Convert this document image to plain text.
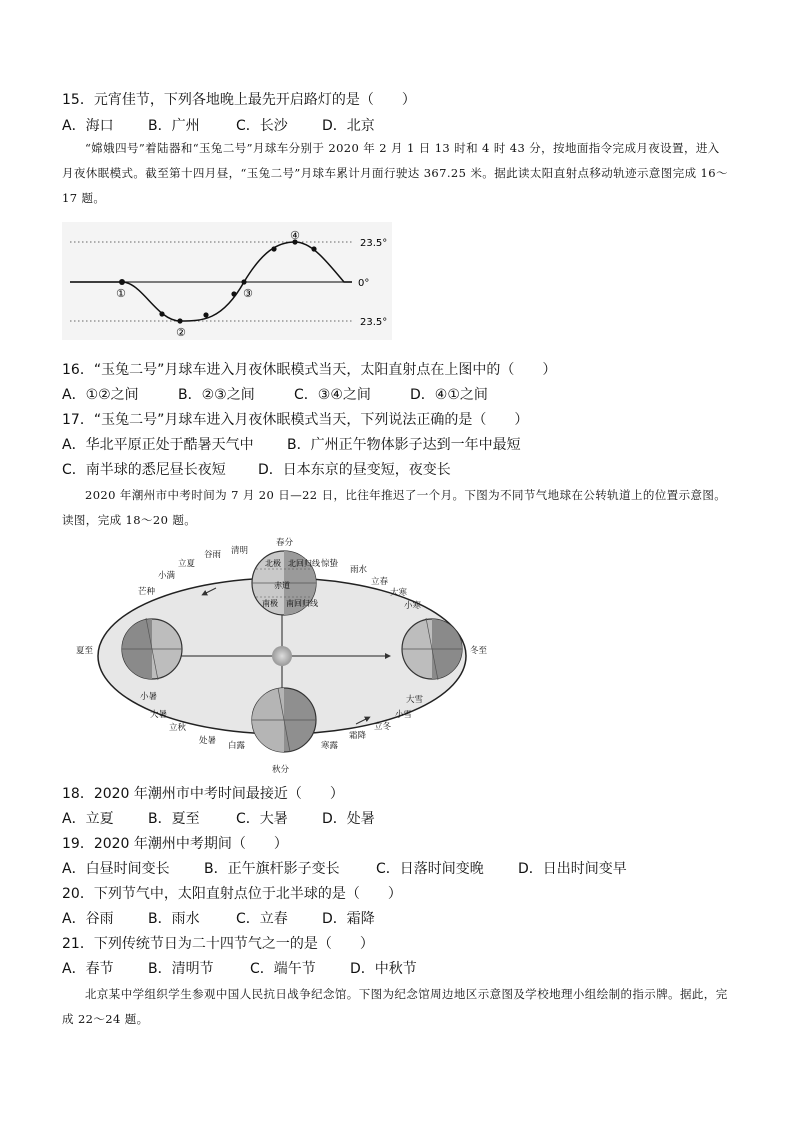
15．元宵佳节，下列各地晚上最先开启路灯的是（　　）
A．海口 B．广州	C．长沙 D．北京
“嫦娥四号”着陆器和“玉兔二号”月球车分别于 2020 年 2 月 1 日 13 时和 4 时 43 分，按地面指令完成月夜设置，进入月夜休眠模式。截至第十四月昼，“玉兔二号”月球车累计月面行驶达 367.25 米。据此读太阳直射点移动轨迹示意图完成 16～17 题。
①
②
③
④
23.5°
0°
23.5°
16．“玉兔二号”月球车进入月夜休眠模式当天，太阳直射点在上图中的（　　）
A．①②之间	B．②③之间	C．③④之间	D．④①之间
17．“玉兔二号”月球车进入月夜休眠模式当天，下列说法正确的是（　　）
A．华北平原正处于酷暑天气中 B．广州正午物体影子达到一年中最短
C．南半球的悉尼昼长夜短 D．日本东京的昼变短，夜变长
2020 年潮州市中考时间为 7 月 20 日—22 日，比往年推迟了一个月。下图为不同节气地球在公转轨道上的位置示意图。读图，完成 18～20 题。
北极 北回归线
赤道
南极 南回归线
春分
清明
谷雨
立夏
小满
芒种
夏至
小暑
大暑
立秋
处暑 白露
秋分
寒露
霜降
立冬
小雪
大雪
冬至
小寒
大寒
立春
雨水
惊蛰
18．2020 年潮州市中考时间最接近（　　）
A．立夏 B．夏至	C．大暑 D．处暑
19．2020 年潮州中考期间（　　）
A．白昼时间变长 B．正午旗杆影子变长	C．日落时间变晚 D．日出时间变早
20．下列节气中，太阳直射点位于北半球的是（　　）
A．谷雨 B．雨水	C．立春 D．霜降
21．下列传统节日为二十四节气之一的是（　　）
A．春节 B．清明节	C．端午节 D．中秋节
北京某中学组织学生参观中国人民抗日战争纪念馆。下图为纪念馆周边地区示意图及学校地理小组绘制的指示牌。据此，完成 22～24 题。
